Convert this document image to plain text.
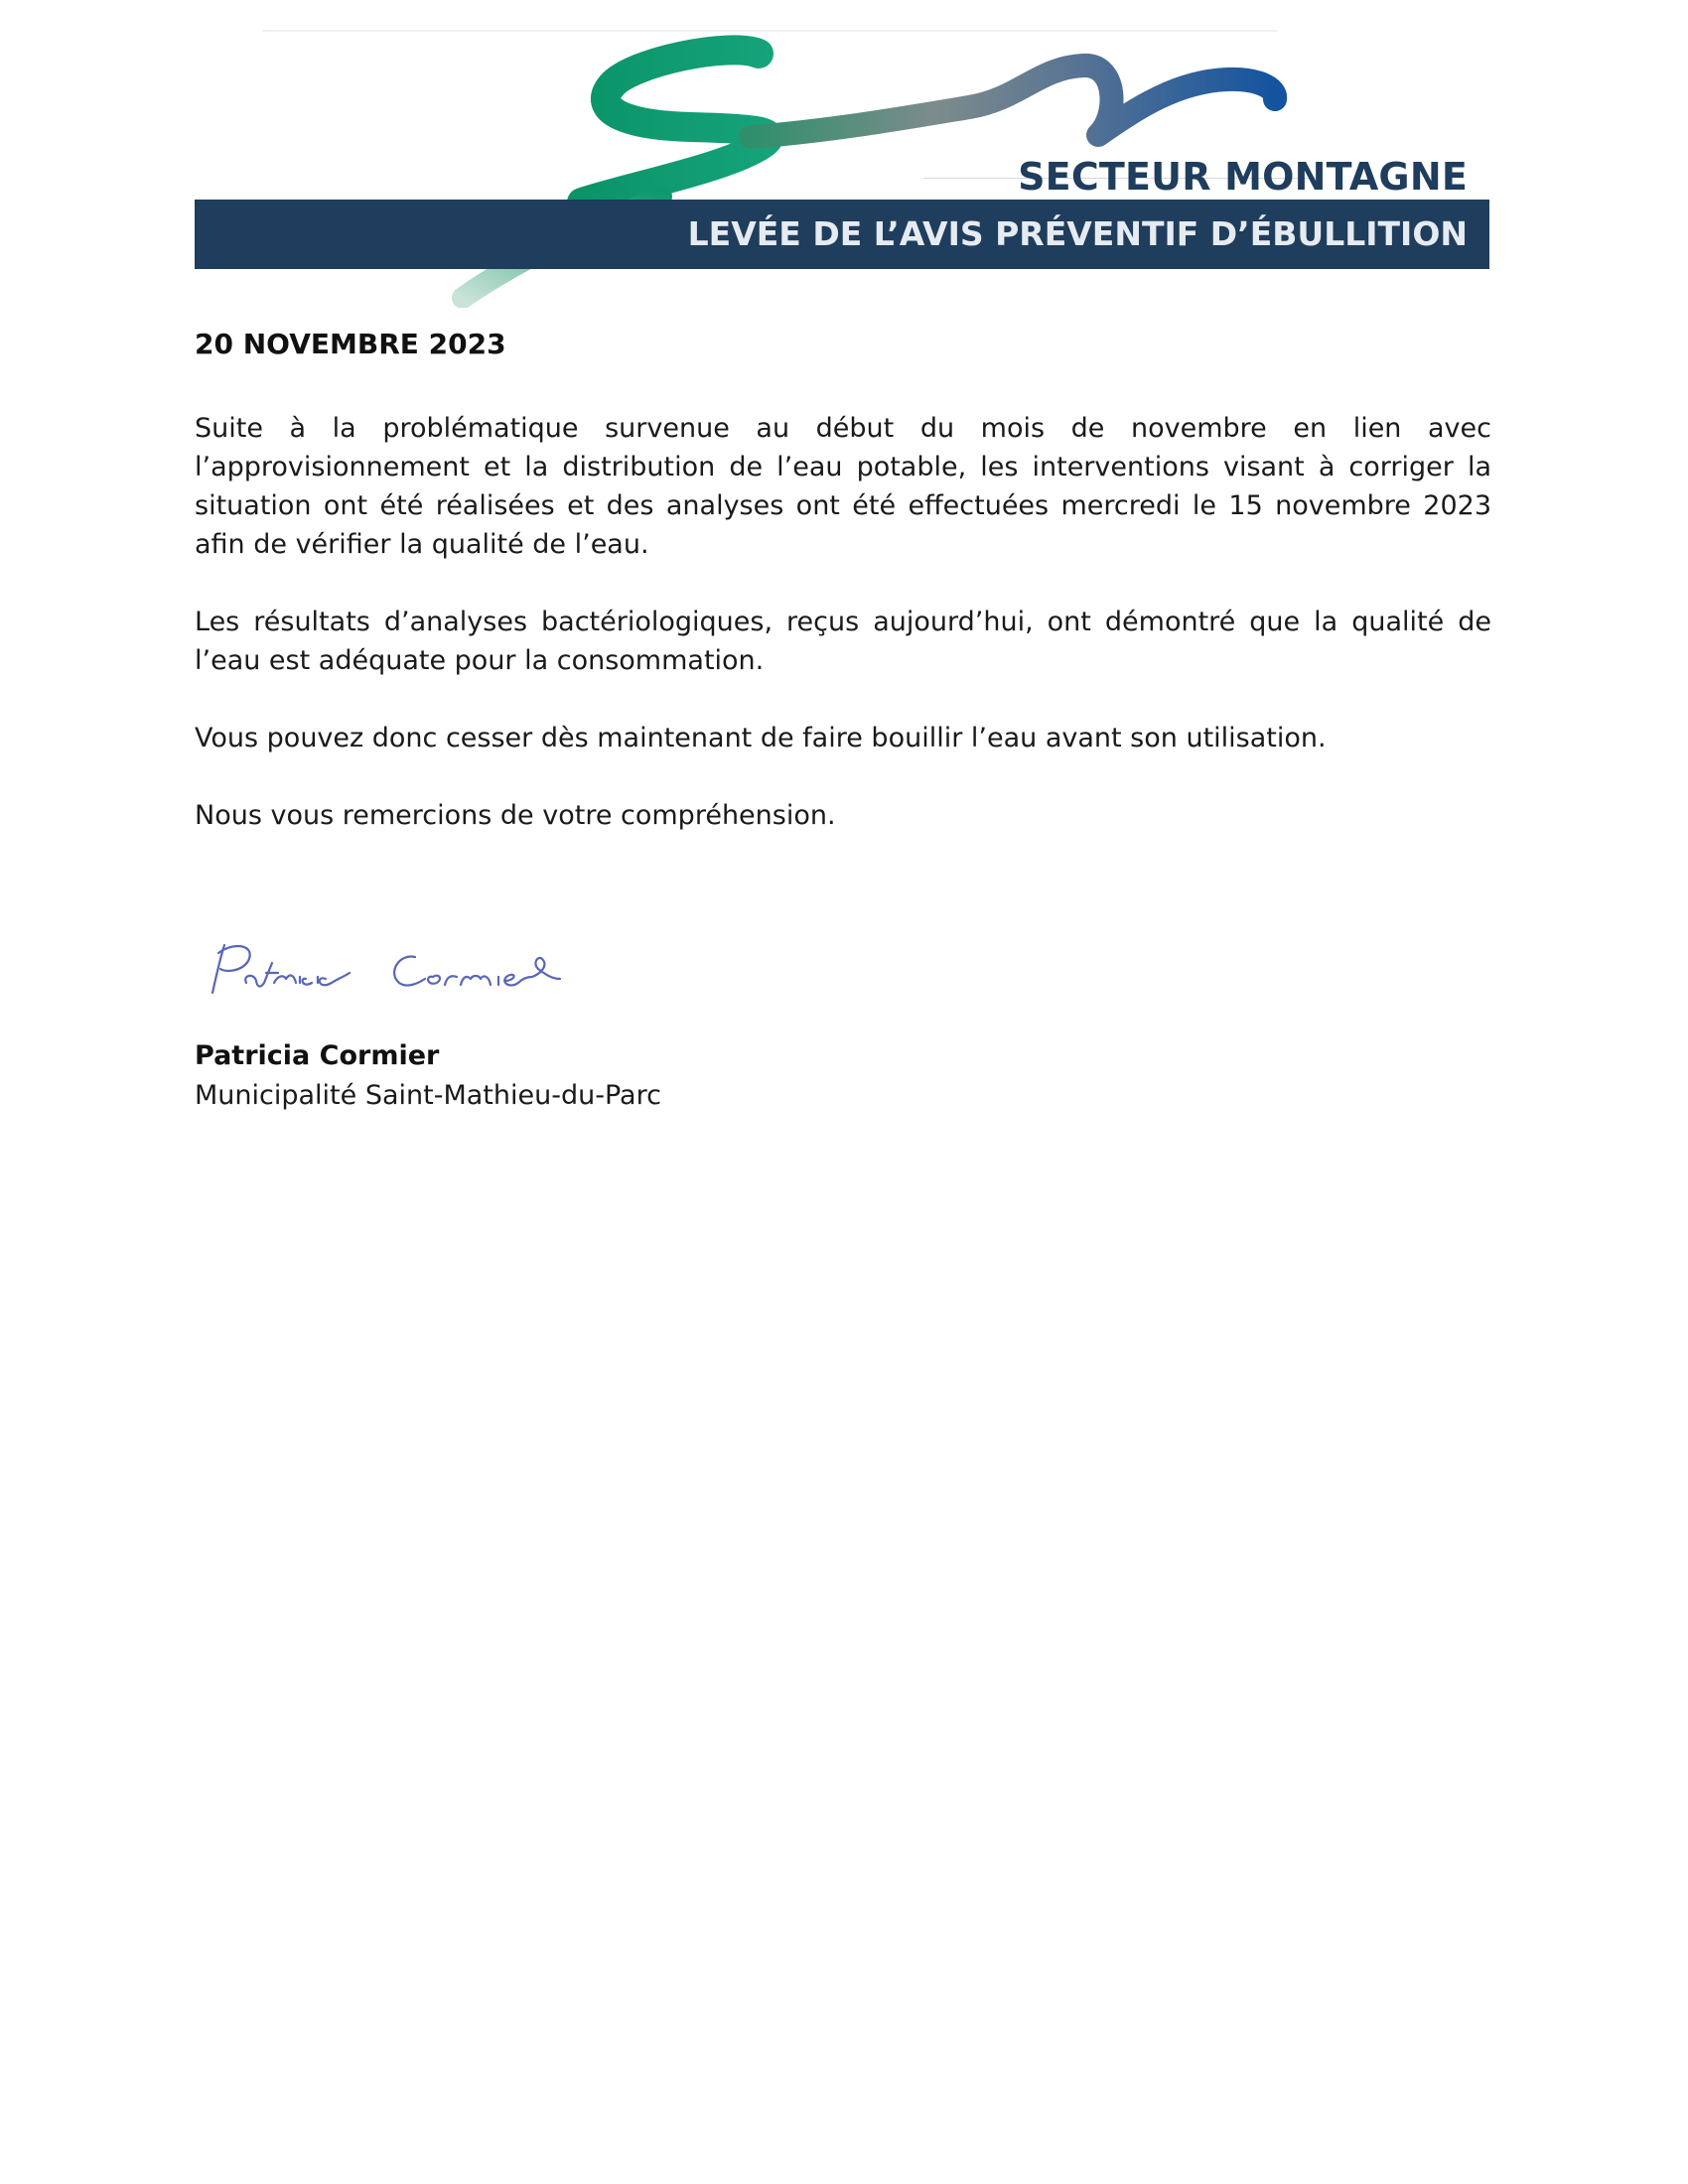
SECTEUR MONTAGNE
LEVÉE DE L’AVIS PRÉVENTIF D’ÉBULLITION
20 NOVEMBRE 2023

Suite à la problématique survenue au début du mois de novembre en lien avec l’approvisionnement et la distribution de l’eau potable, les interventions visant à corriger la situation ont été réalisées et des analyses ont été effectuées mercredi le 15 novembre 2023 afin de vérifier la qualité de l’eau.

Les résultats d’analyses bactériologiques, reçus aujourd’hui, ont démontré que la qualité de l’eau est adéquate pour la consommation.

Vous pouvez donc cesser dès maintenant de faire bouillir l’eau avant son utilisation.

Nous vous remercions de votre compréhension.

Patricia Cormier
Municipalité Saint-Mathieu-du-Parc
